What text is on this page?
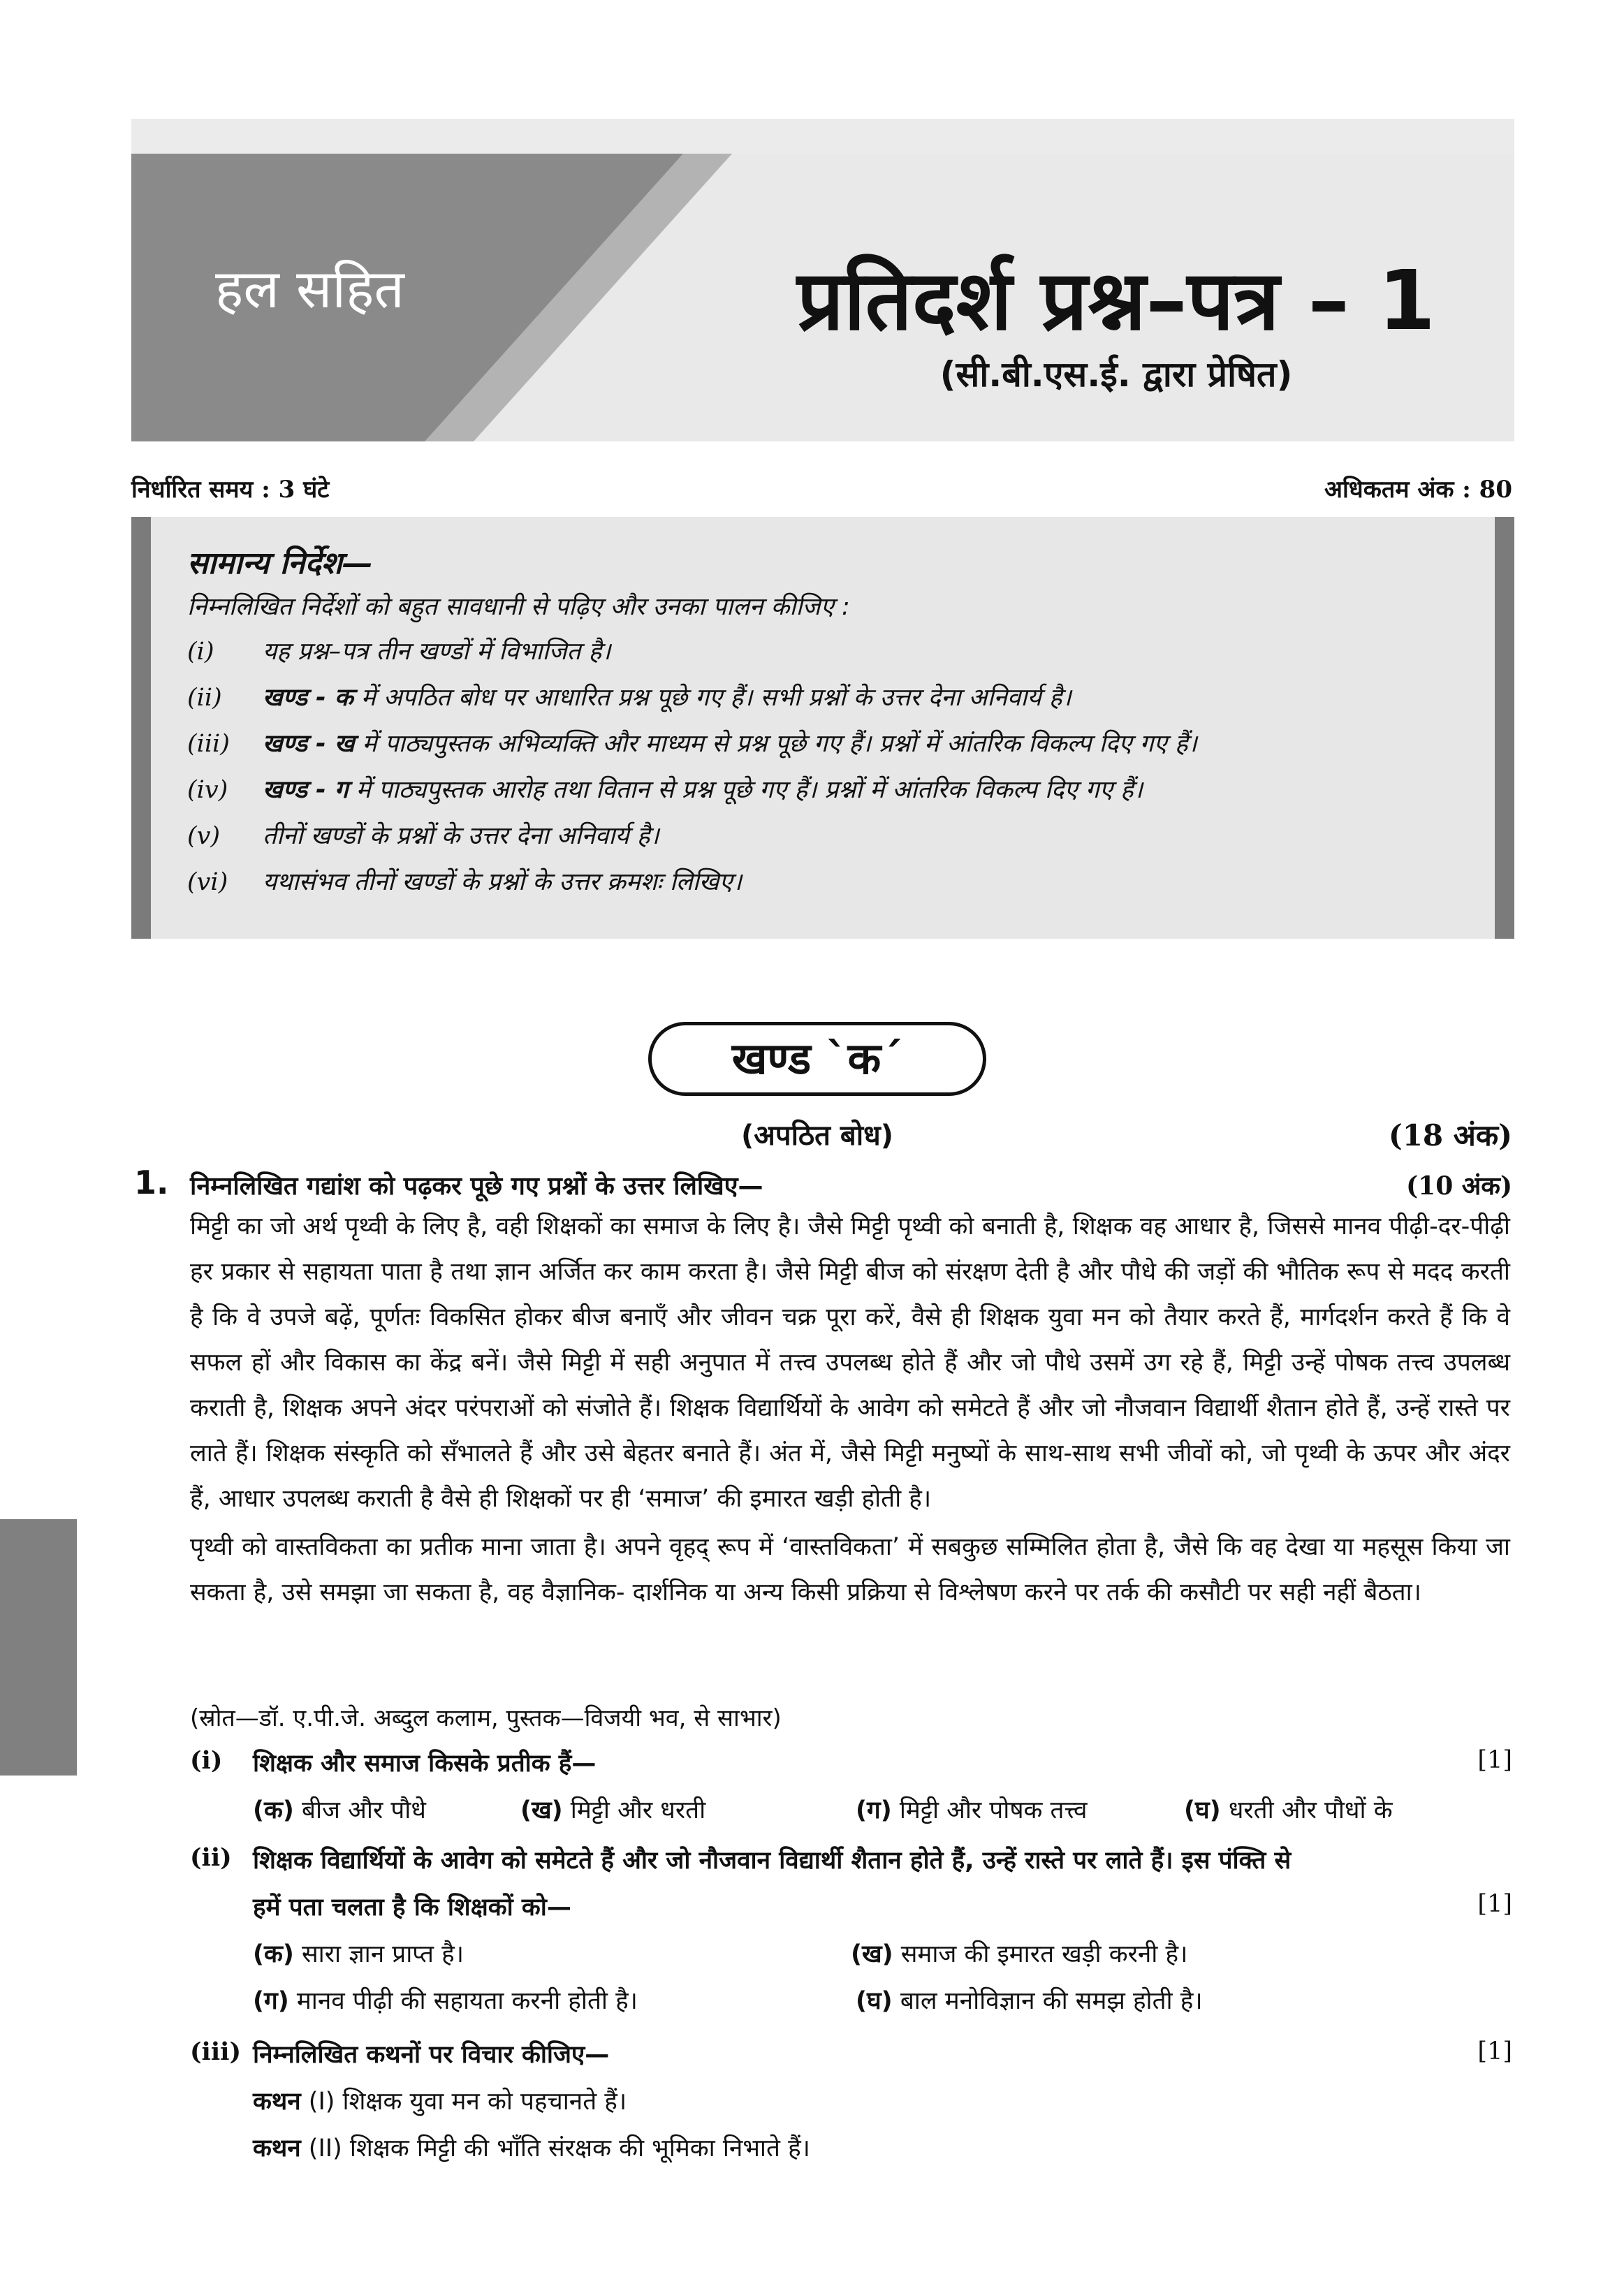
हल सहित	प्रतिदर्श प्रश्न–पत्र – 1
(सी.बी.एस.ई. द्वारा प्रेषित)
निर्धारित समय : 3 घंटे	अधिकतम अंक : 80
सामान्य निर्देश—
निम्नलिखित निर्देशों को बहुत सावधानी से पढ़िए और उनका पालन कीजिए :
(i) यह प्रश्न–पत्र तीन खण्डों में विभाजित है।
(ii) खण्ड - क में अपठित बोध पर आधारित प्रश्न पूछे गए हैं। सभी प्रश्नों के उत्तर देना अनिवार्य है।
(iii) खण्ड - ख में पाठ्यपुस्तक अभिव्यक्ति और माध्यम से प्रश्न पूछे गए हैं। प्रश्नों में आंतरिक विकल्प दिए गए हैं।
(iv) खण्ड - ग में पाठ्यपुस्तक आरोह तथा वितान से प्रश्न पूछे गए हैं। प्रश्नों में आंतरिक विकल्प दिए गए हैं।
(v) तीनों खण्डों के प्रश्नों के उत्तर देना अनिवार्य है।
(vi) यथासंभव तीनों खण्डों के प्रश्नों के उत्तर क्रमशः लिखिए।
खण्ड `क´
(अपठित बोध)	(18 अंक)
1. निम्नलिखित गद्यांश को पढ़कर पूछे गए प्रश्नों के उत्तर लिखिए—	(10 अंक)

मिट्टी का जो अर्थ पृथ्वी के लिए है, वही शिक्षकों का समाज के लिए है। जैसे मिट्टी पृथ्वी को बनाती है, शिक्षक वह आधार है, जिससे मानव पीढ़ी-दर-पीढ़ी हर प्रकार से सहायता पाता है तथा ज्ञान अर्जित कर काम करता है। जैसे मिट्टी बीज को संरक्षण देती है और पौधे की जड़ों की भौतिक रूप से मदद करती है कि वे उपजे बढ़ें, पूर्णतः विकसित होकर बीज बनाएँ और जीवन चक्र पूरा करें, वैसे ही शिक्षक युवा मन को तैयार करते हैं, मार्गदर्शन करते हैं कि वे सफल हों और विकास का केंद्र बनें। जैसे मिट्टी में सही अनुपात में तत्त्व उपलब्ध होते हैं और जो पौधे उसमें उग रहे हैं, मिट्टी उन्हें पोषक तत्त्व उपलब्ध कराती है, शिक्षक अपने अंदर परंपराओं को संजोते हैं। शिक्षक विद्यार्थियों के आवेग को समेटते हैं और जो नौजवान विद्यार्थी शैतान होते हैं, उन्हें रास्ते पर लाते हैं। शिक्षक संस्कृति को सँभालते हैं और उसे बेहतर बनाते हैं। अंत में, जैसे मिट्टी मनुष्यों के साथ-साथ सभी जीवों को, जो पृथ्वी के ऊपर और अंदर हैं, आधार उपलब्ध कराती है वैसे ही शिक्षकों पर ही ‘समाज’ की इमारत खड़ी होती है।

पृथ्वी को वास्तविकता का प्रतीक माना जाता है। अपने वृहद् रूप में ‘वास्तविकता’ में सबकुछ सम्मिलित होता है, जैसे कि वह देखा या महसूस किया जा सकता है, उसे समझा जा सकता है, वह वैज्ञानिक- दार्शनिक या अन्य किसी प्रक्रिया से विश्लेषण करने पर तर्क की कसौटी पर सही नहीं बैठता।

(स्रोत—डॉ. ए.पी.जे. अब्दुल कलाम, पुस्तक—विजयी भव, से साभार)
(i) शिक्षक और समाज किसके प्रतीक हैं—	[1]
(क) बीज और पौधे	(ख) मिट्टी और धरती	(ग) मिट्टी और पोषक तत्त्व	(घ) धरती और पौधों के
(ii) शिक्षक विद्यार्थियों के आवेग को समेटते हैं और जो नौजवान विद्यार्थी शैतान होते हैं, उन्हें रास्ते पर लाते हैं। इस पंक्ति से
हमें पता चलता है कि शिक्षकों को—	[1]
(क) सारा ज्ञान प्राप्त है।	(ख) समाज की इमारत खड़ी करनी है।
(ग) मानव पीढ़ी की सहायता करनी होती है।	(घ) बाल मनोविज्ञान की समझ होती है।
(iii) निम्नलिखित कथनों पर विचार कीजिए—	[1]
कथन (I) शिक्षक युवा मन को पहचानते हैं।
कथन (II) शिक्षक मिट्टी की भाँति संरक्षक की भूमिका निभाते हैं।
